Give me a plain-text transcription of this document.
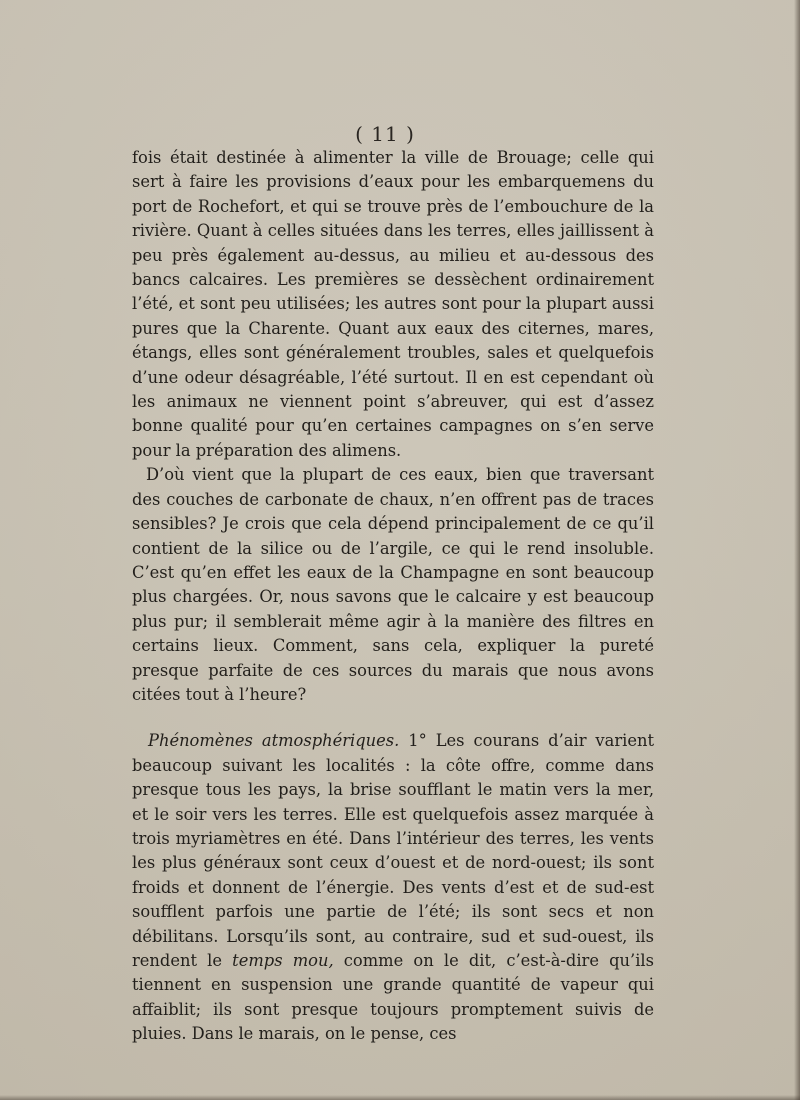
( 11 )

fois était destinée à alimenter la ville de Brouage; celle qui sert à faire les provisions d’eaux pour les embarquemens du port de Rochefort, et qui se trouve près de l’embouchure de la rivière. Quant à celles situées dans les terres, elles jaillissent à peu près également au-dessus, au milieu et au-dessous des bancs calcaires. Les premières se dessèchent ordinairement l’été, et sont peu utilisées; les autres sont pour la plupart aussi pures que la Charente. Quant aux eaux des citernes, mares, étangs, elles sont généralement troubles, sales et quelquefois d’une odeur désagréable, l’été surtout. Il en est cependant où les animaux ne viennent point s’abreuver, qui est d’assez bonne qualité pour qu’en certaines campagnes on s’en serve pour la préparation des alimens.

D’où vient que la plupart de ces eaux, bien que traversant des couches de carbonate de chaux, n’en offrent pas de traces sensibles? Je crois que cela dépend principalement de ce qu’il contient de la silice ou de l’argile, ce qui le rend insoluble. C’est qu’en effet les eaux de la Champagne en sont beaucoup plus chargées. Or, nous savons que le calcaire y est beaucoup plus pur; il semblerait même agir à la manière des filtres en certains lieux. Comment, sans cela, expliquer la pureté presque parfaite de ces sources du marais que nous avons citées tout à l’heure?

Phénomènes atmosphériques. 1° Les courans d’air varient beaucoup suivant les localités : la côte offre, comme dans presque tous les pays, la brise soufflant le matin vers la mer, et le soir vers les terres. Elle est quelquefois assez marquée à trois myriamètres en été. Dans l’intérieur des terres, les vents les plus généraux sont ceux d’ouest et de nord-ouest; ils sont froids et donnent de l’énergie. Des vents d’est et de sud-est soufflent parfois une partie de l’été; ils sont secs et non débilitans. Lorsqu’ils sont, au contraire, sud et sud-ouest, ils rendent le temps mou, comme on le dit, c’est-à-dire qu’ils tiennent en suspension une grande quantité de vapeur qui affaiblit; ils sont presque toujours promptement suivis de pluies. Dans le marais, on le pense, ces
